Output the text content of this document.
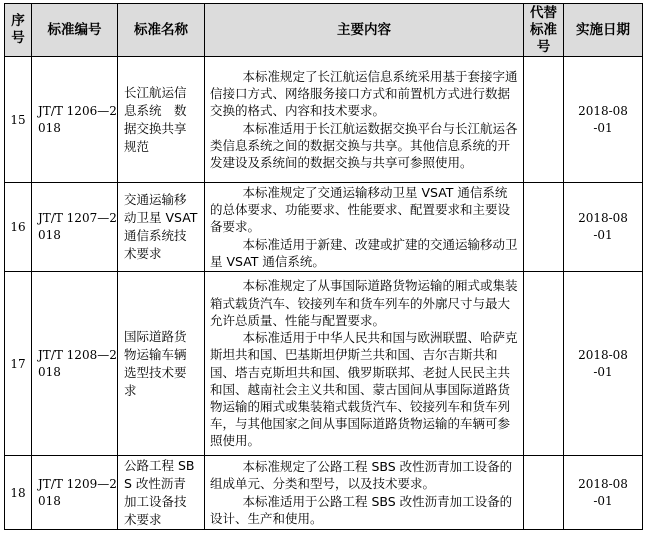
序号	标准编号	标准名称	主要内容	代替标准号	实施日期
15	JT/T 1206—2018	长江航运信息系统　数据交换共享规范	本标准规定了长江航运信息系统采用基于套接字通信接口方式、网络服务接口方式和前置机方式进行数据交换的格式、内容和技术要求。

本标准适用于长江航运数据交换平台与长江航运各类信息系统之间的数据交换与共享。其他信息系统的开发建设及系统间的数据交换与共享可参照使用。		2018-08-01
16	JT/T 1207—2018	交通运输移动卫星 VSAT 通信系统技术要求	本标准规定了交通运输移动卫星 VSAT 通信系统的总体要求、功能要求、性能要求、配置要求和主要设备要求。

本标准适用于新建、改建或扩建的交通运输移动卫星 VSAT 通信系统。		2018-08-01
17	JT/T 1208—2018	国际道路货物运输车辆选型技术要求	本标准规定了从事国际道路货物运输的厢式或集装箱式载货汽车、铰接列车和货车列车的外廓尺寸与最大允许总质量、性能与配置要求。

本标准适用于中华人民共和国与欧洲联盟、哈萨克斯坦共和国、巴基斯坦伊斯兰共和国、吉尔吉斯共和国、塔吉克斯坦共和国、俄罗斯联邦、老挝人民民主共和国、越南社会主义共和国、蒙古国间从事国际道路货物运输的厢式或集装箱式载货汽车、铰接列车和货车列车，与其他国家之间从事国际道路货物运输的车辆可参照使用。		2018-08-01
18	JT/T 1209—2018	公路工程 SBS 改性沥青加工设备技术要求	本标准规定了公路工程 SBS 改性沥青加工设备的组成单元、分类和型号，以及技术要求。

本标准适用于公路工程 SBS 改性沥青加工设备的设计、生产和使用。		2018-08-01
